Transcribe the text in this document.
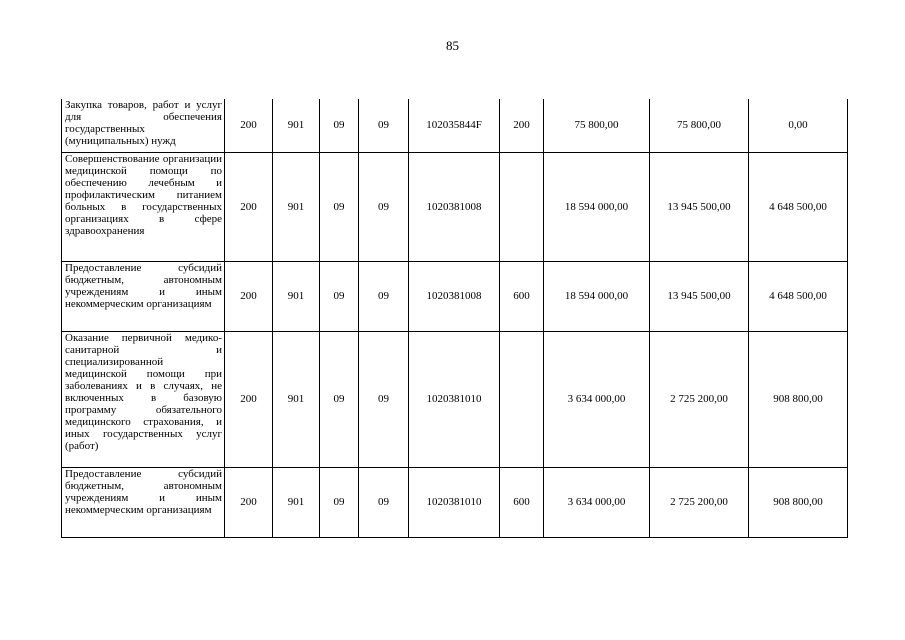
85
Закупка товаров, работ и услуг для обеспечения государственных (муниципальных) нужд	200	901	09	09	102035844F	200	75 800,00	75 800,00	0,00
Совершенствование организации медицинской помощи по обеспечению лечебным и профилактическим питанием больных в государственных организациях в сфере здравоохранения	200	901	09	09	1020381008		18 594 000,00	13 945 500,00	4 648 500,00
Предоставление субсидий бюджетным, автономным учреждениям и иным некоммерческим организациям	200	901	09	09	1020381008	600	18 594 000,00	13 945 500,00	4 648 500,00
Оказание первичной медико-санитарной и специализированной медицинской помощи при заболеваниях и в случаях, не включенных в базовую программу обязательного медицинского страхования, и иных государственных услуг (работ)	200	901	09	09	1020381010		3 634 000,00	2 725 200,00	908 800,00
Предоставление субсидий бюджетным, автономным учреждениям и иным некоммерческим организациям	200	901	09	09	1020381010	600	3 634 000,00	2 725 200,00	908 800,00
